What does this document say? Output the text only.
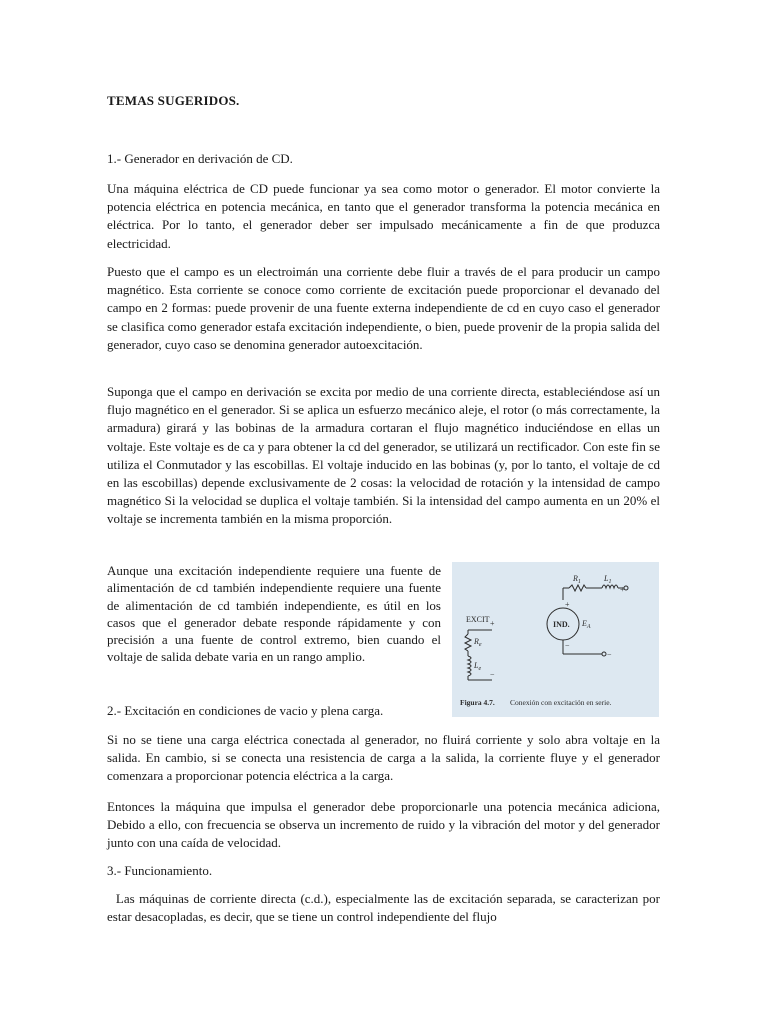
TEMAS SUGERIDOS.
1.- Generador en derivación de CD.

Una máquina eléctrica de CD puede funcionar ya sea como motor o generador. El motor convierte la potencia eléctrica en potencia mecánica, en tanto que el generador transforma la potencia mecánica en eléctrica. Por lo tanto, el generador deber ser impulsado mecánicamente a fin de que produzca electricidad.

Puesto que el campo es un electroimán una corriente debe fluir a través de el para producir un campo magnético. Esta corriente se conoce como corriente de excitación puede proporcionar el devanado del campo en 2 formas: puede provenir de una fuente externa independiente de cd en cuyo caso el generador se clasifica como generador estafa excitación independiente, o bien, puede provenir de la propia salida del generador, cuyo caso se denomina generador autoexcitación.

Suponga que el campo en derivación se excita por medio de una corriente directa, estableciéndose así un flujo magnético en el generador. Si se aplica un esfuerzo mecánico aleje, el rotor (o más correctamente, la armadura) girará y las bobinas de la armadura cortaran el flujo magnético induciéndose en ellas un voltaje. Este voltaje es de ca y para obtener la cd del generador, se utilizará un rectificador. Con este fin se utiliza el Conmutador y las escobillas. El voltaje inducido en las bobinas (y, por lo tanto, el voltaje de cd en las escobillas) depende exclusivamente de 2 cosas: la velocidad de rotación y la intensidad de campo magnético Si la velocidad se duplica el voltaje también. Si la intensidad del campo aumenta en un 20% el voltaje se incrementa también en la misma proporción.

Aunque una excitación independiente requiere una fuente de alimentación de cd también independiente requiere una fuente de alimentación de cd también independiente, es útil en los casos que el generador debate responde rápidamente y con precisión a una fuente de control extremo, bien cuando el voltaje de salida debate varia en un rango amplio.

$R_1$	$L_1$
IND. $E_A$
EXCIT
$R_e$
$L_e$
+
−
+
−
+
−
Figura 4.7. Conexión con excitación en serie.
2.- Excitación en condiciones de vacio y plena carga.

Si no se tiene una carga eléctrica conectada al generador, no fluirá corriente y solo abra voltaje en la salida. En cambio, si se conecta una resistencia de carga a la salida, la corriente fluye y el generador comenzara a proporcionar potencia eléctrica a la carga.

Entonces la máquina que impulsa el generador debe proporcionarle una potencia mecánica adiciona, Debido a ello, con frecuencia se observa un incremento de ruido y la vibración del motor y del generador junto con una caída de velocidad.

3.- Funcionamiento.

Las máquinas de corriente directa (c.d.), especialmente las de excitación separada, se caracterizan por estar desacopladas, es decir, que se tiene un control independiente del flujo
